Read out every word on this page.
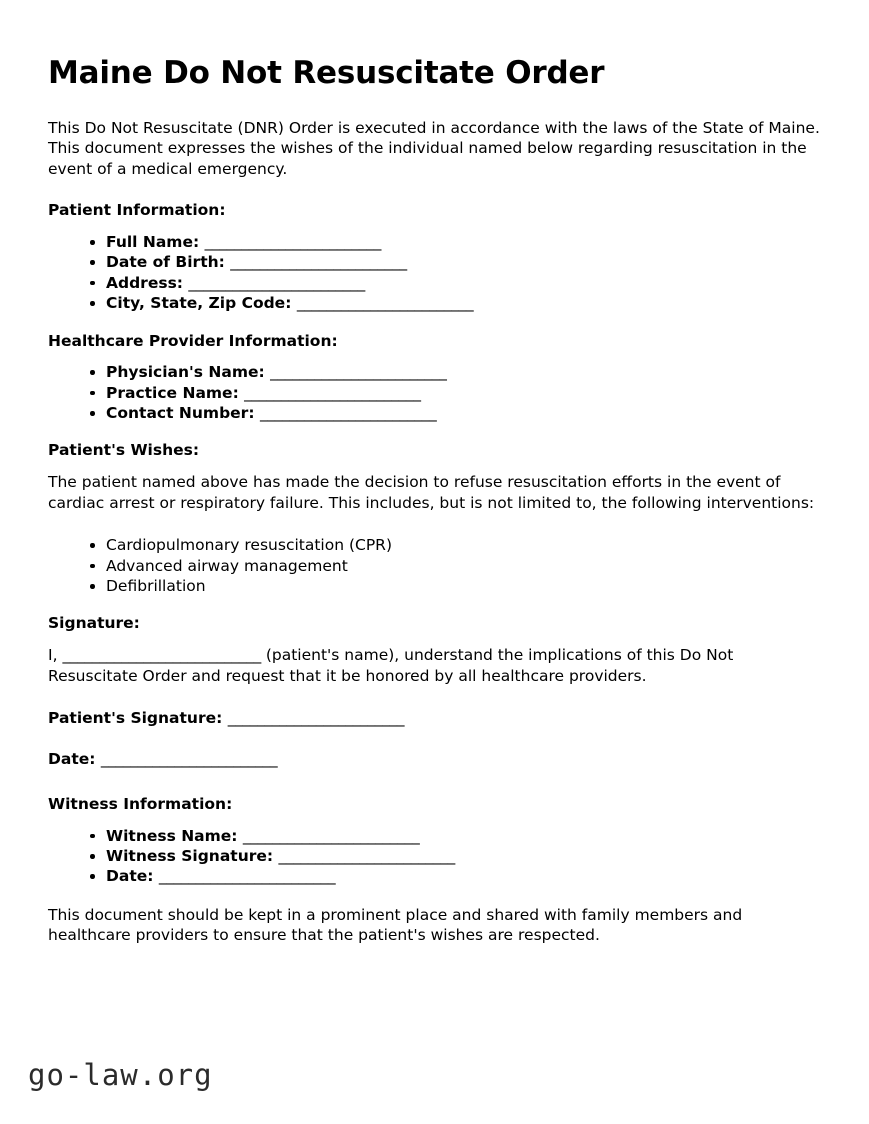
Maine Do Not Resuscitate Order

This Do Not Resuscitate (DNR) Order is executed in accordance with the laws of the State of Maine. This document expresses the wishes of the individual named below regarding resuscitation in the event of a medical emergency.

Patient Information:
Full Name: ________________________
Date of Birth: ________________________
Address: ________________________
City, State, Zip Code: ________________________
Healthcare Provider Information:
Physician's Name: ________________________
Practice Name: ________________________
Contact Number: ________________________
Patient's Wishes:

The patient named above has made the decision to refuse resuscitation efforts in the event of cardiac arrest or respiratory failure. This includes, but is not limited to, the following interventions:

Cardiopulmonary resuscitation (CPR)
Advanced airway management
Defibrillation
Signature:

I, ___________________________ (patient's name), understand the implications of this Do Not Resuscitate Order and request that it be honored by all healthcare providers.

Patient's Signature: ________________________

Date: ________________________

Witness Information:
Witness Name: ________________________
Witness Signature: ________________________
Date: ________________________

This document should be kept in a prominent place and shared with family members and healthcare providers to ensure that the patient's wishes are respected.

go-law.org
